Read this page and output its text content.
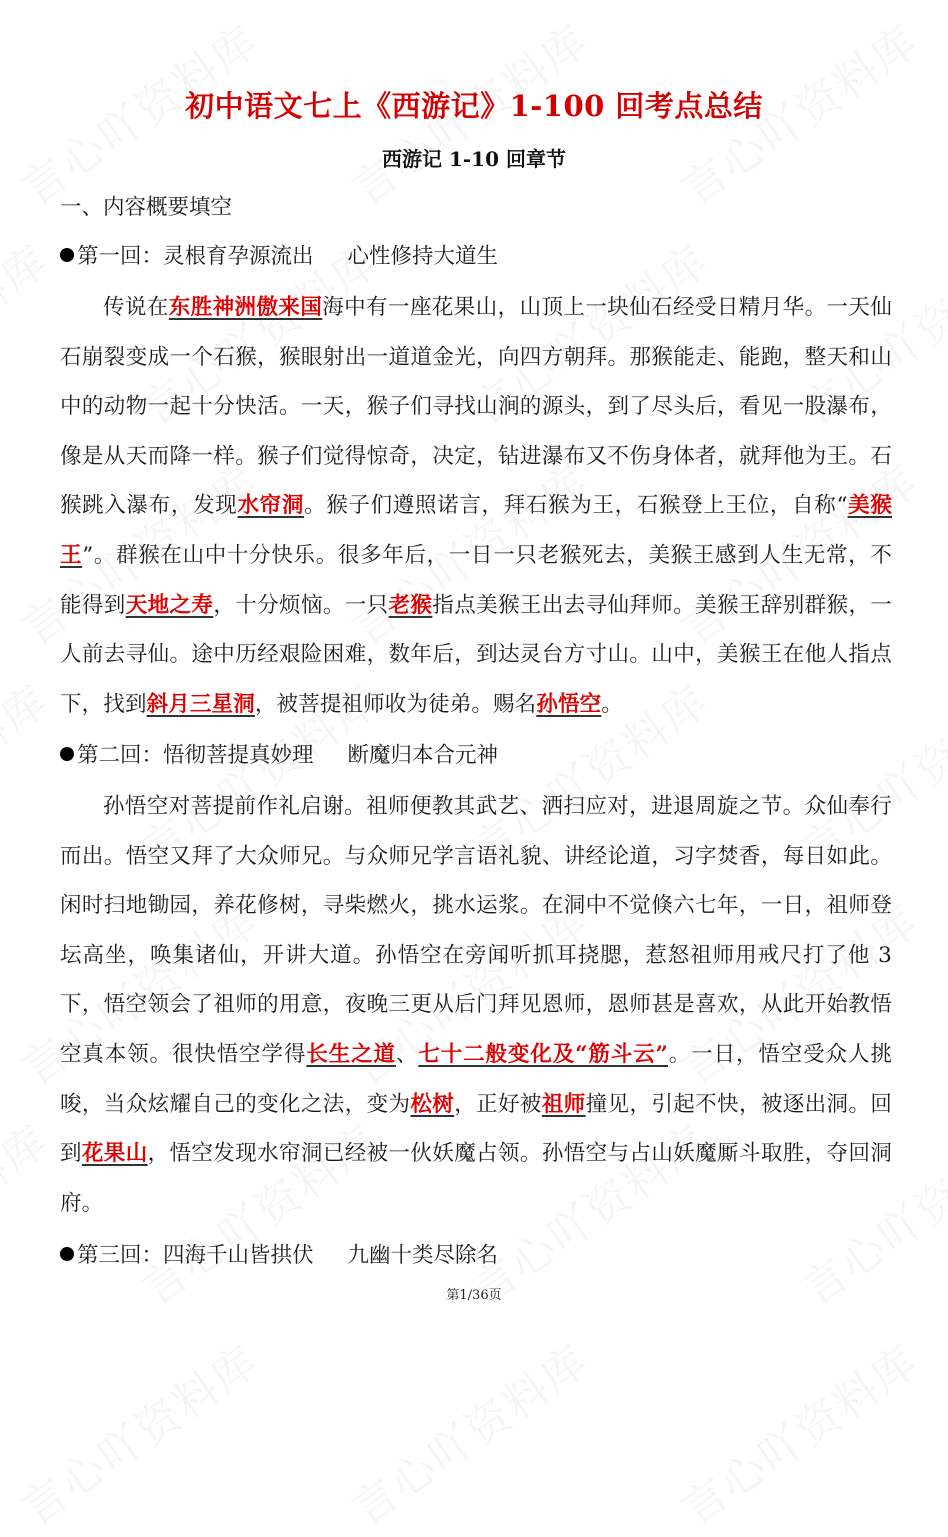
初中语文七上《西游记》1-100 回考点总结
西游记 1-10 回章节
一、内容概要填空
第一回：灵根育孕源流出 心性修持大道生
传说在东胜神洲傲来国海中有一座花果山，山顶上一块仙石经受日精月华。一天仙石崩裂变成一个石猴，猴眼射出一道道金光，向四方朝拜。那猴能走、能跑，整天和山中的动物一起十分快活。一天，猴子们寻找山涧的源头，到了尽头后，看见一股瀑布，像是从天而降一样。猴子们觉得惊奇，决定，钻进瀑布又不伤身体者，就拜他为王。石猴跳入瀑布，发现水帘洞。猴子们遵照诺言，拜石猴为王，石猴登上王位，自称“美猴王”。群猴在山中十分快乐。很多年后，一日一只老猴死去，美猴王感到人生无常，不能得到天地之寿，十分烦恼。一只老猴指点美猴王出去寻仙拜师。美猴王辞别群猴，一人前去寻仙。途中历经艰险困难，数年后，到达灵台方寸山。山中，美猴王在他人指点下，找到斜月三星洞，被菩提祖师收为徒弟。赐名孙悟空。
第二回：悟彻菩提真妙理 断魔归本合元神
孙悟空对菩提前作礼启谢。祖师便教其武艺、洒扫应对，进退周旋之节。众仙奉行而出。悟空又拜了大众师兄。与众师兄学言语礼貌、讲经论道，习字焚香，每日如此。闲时扫地锄园，养花修树，寻柴燃火，挑水运浆。在洞中不觉倏六七年，一日，祖师登坛高坐，唤集诸仙，开讲大道。孙悟空在旁闻听抓耳挠腮，惹怒祖师用戒尺打了他 3 下，悟空领会了祖师的用意，夜晚三更从后门拜见恩师，恩师甚是喜欢，从此开始教悟空真本领。很快悟空学得长生之道、七十二般变化及“筋斗云”。一日，悟空受众人挑唆，当众炫耀自己的变化之法，变为松树，正好被祖师撞见，引起不快，被逐出洞。回到花果山，悟空发现水帘洞已经被一伙妖魔占领。孙悟空与占山妖魔厮斗取胜，夺回洞府。
第三回：四海千山皆拱伏 九幽十类尽除名
第1/36页
